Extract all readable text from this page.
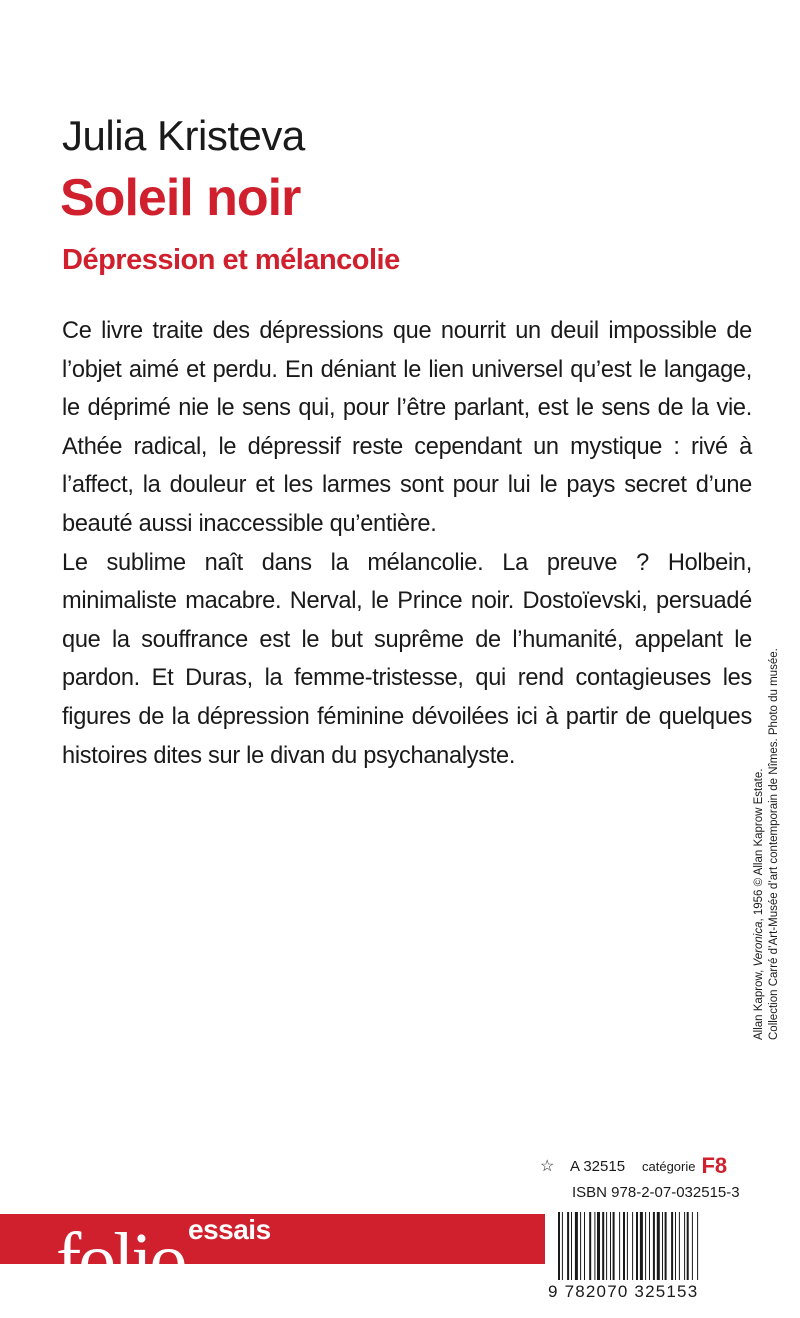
Julia Kristeva
Soleil noir
Dépression et mélancolie

Ce livre traite des dépressions que nourrit un deuil impossible de l’objet aimé et perdu. En déniant le lien universel qu’est le langage, le déprimé nie le sens qui, pour l’être parlant, est le sens de la vie. Athée radical, le dépressif reste cependant un mystique : rivé à l’affect, la douleur et les larmes sont pour lui le pays secret d’une beauté aussi inaccessible qu’entière.

Le sublime naît dans la mélancolie. La preuve ? Holbein, minimaliste macabre. Nerval, le Prince noir. Dostoïevski, persuadé que la souffrance est le but suprême de l’humanité, appelant le pardon. Et Duras, la femme-tristesse, qui rend contagieuses les figures de la dépression féminine dévoilées ici à partir de quelques histoires dites sur le divan du psychanalyste.

Allan Kaprow, Veronica, 1956 © Allan Kaprow Estate. Collection Carré d’Art-Musée d’art contemporain de Nîmes. Photo du musée.
☆	A 32515	catégorie F8
ISBN 978-2-07-032515-3
folio essais
9 782070 325153
